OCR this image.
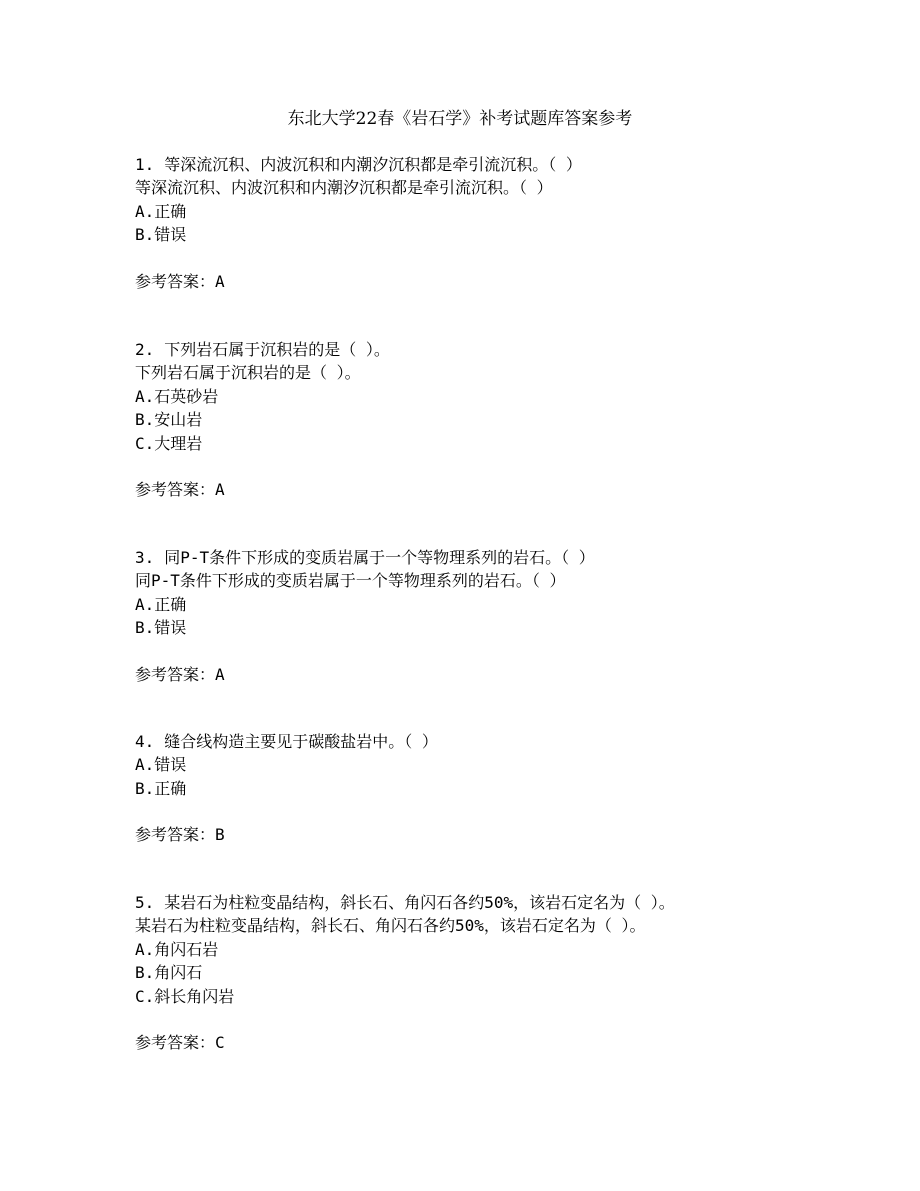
东北大学22春《岩石学》补考试题库答案参考
1. 等深流沉积、内波沉积和内潮汐沉积都是牵引流沉积。（ ）
等深流沉积、内波沉积和内潮汐沉积都是牵引流沉积。（ ）
A.正确
B.错误
参考答案：A
2. 下列岩石属于沉积岩的是（ ）。
下列岩石属于沉积岩的是（ ）。
A.石英砂岩
B.安山岩
C.大理岩
参考答案：A
3. 同P-T条件下形成的变质岩属于一个等物理系列的岩石。（ ）
同P-T条件下形成的变质岩属于一个等物理系列的岩石。（ ）
A.正确
B.错误
参考答案：A
4. 缝合线构造主要见于碳酸盐岩中。（ ）
A.错误
B.正确
参考答案：B
5. 某岩石为柱粒变晶结构，斜长石、角闪石各约50%，该岩石定名为（ ）。
某岩石为柱粒变晶结构，斜长石、角闪石各约50%，该岩石定名为（ ）。
A.角闪石岩
B.角闪石
C.斜长角闪岩
参考答案：C
